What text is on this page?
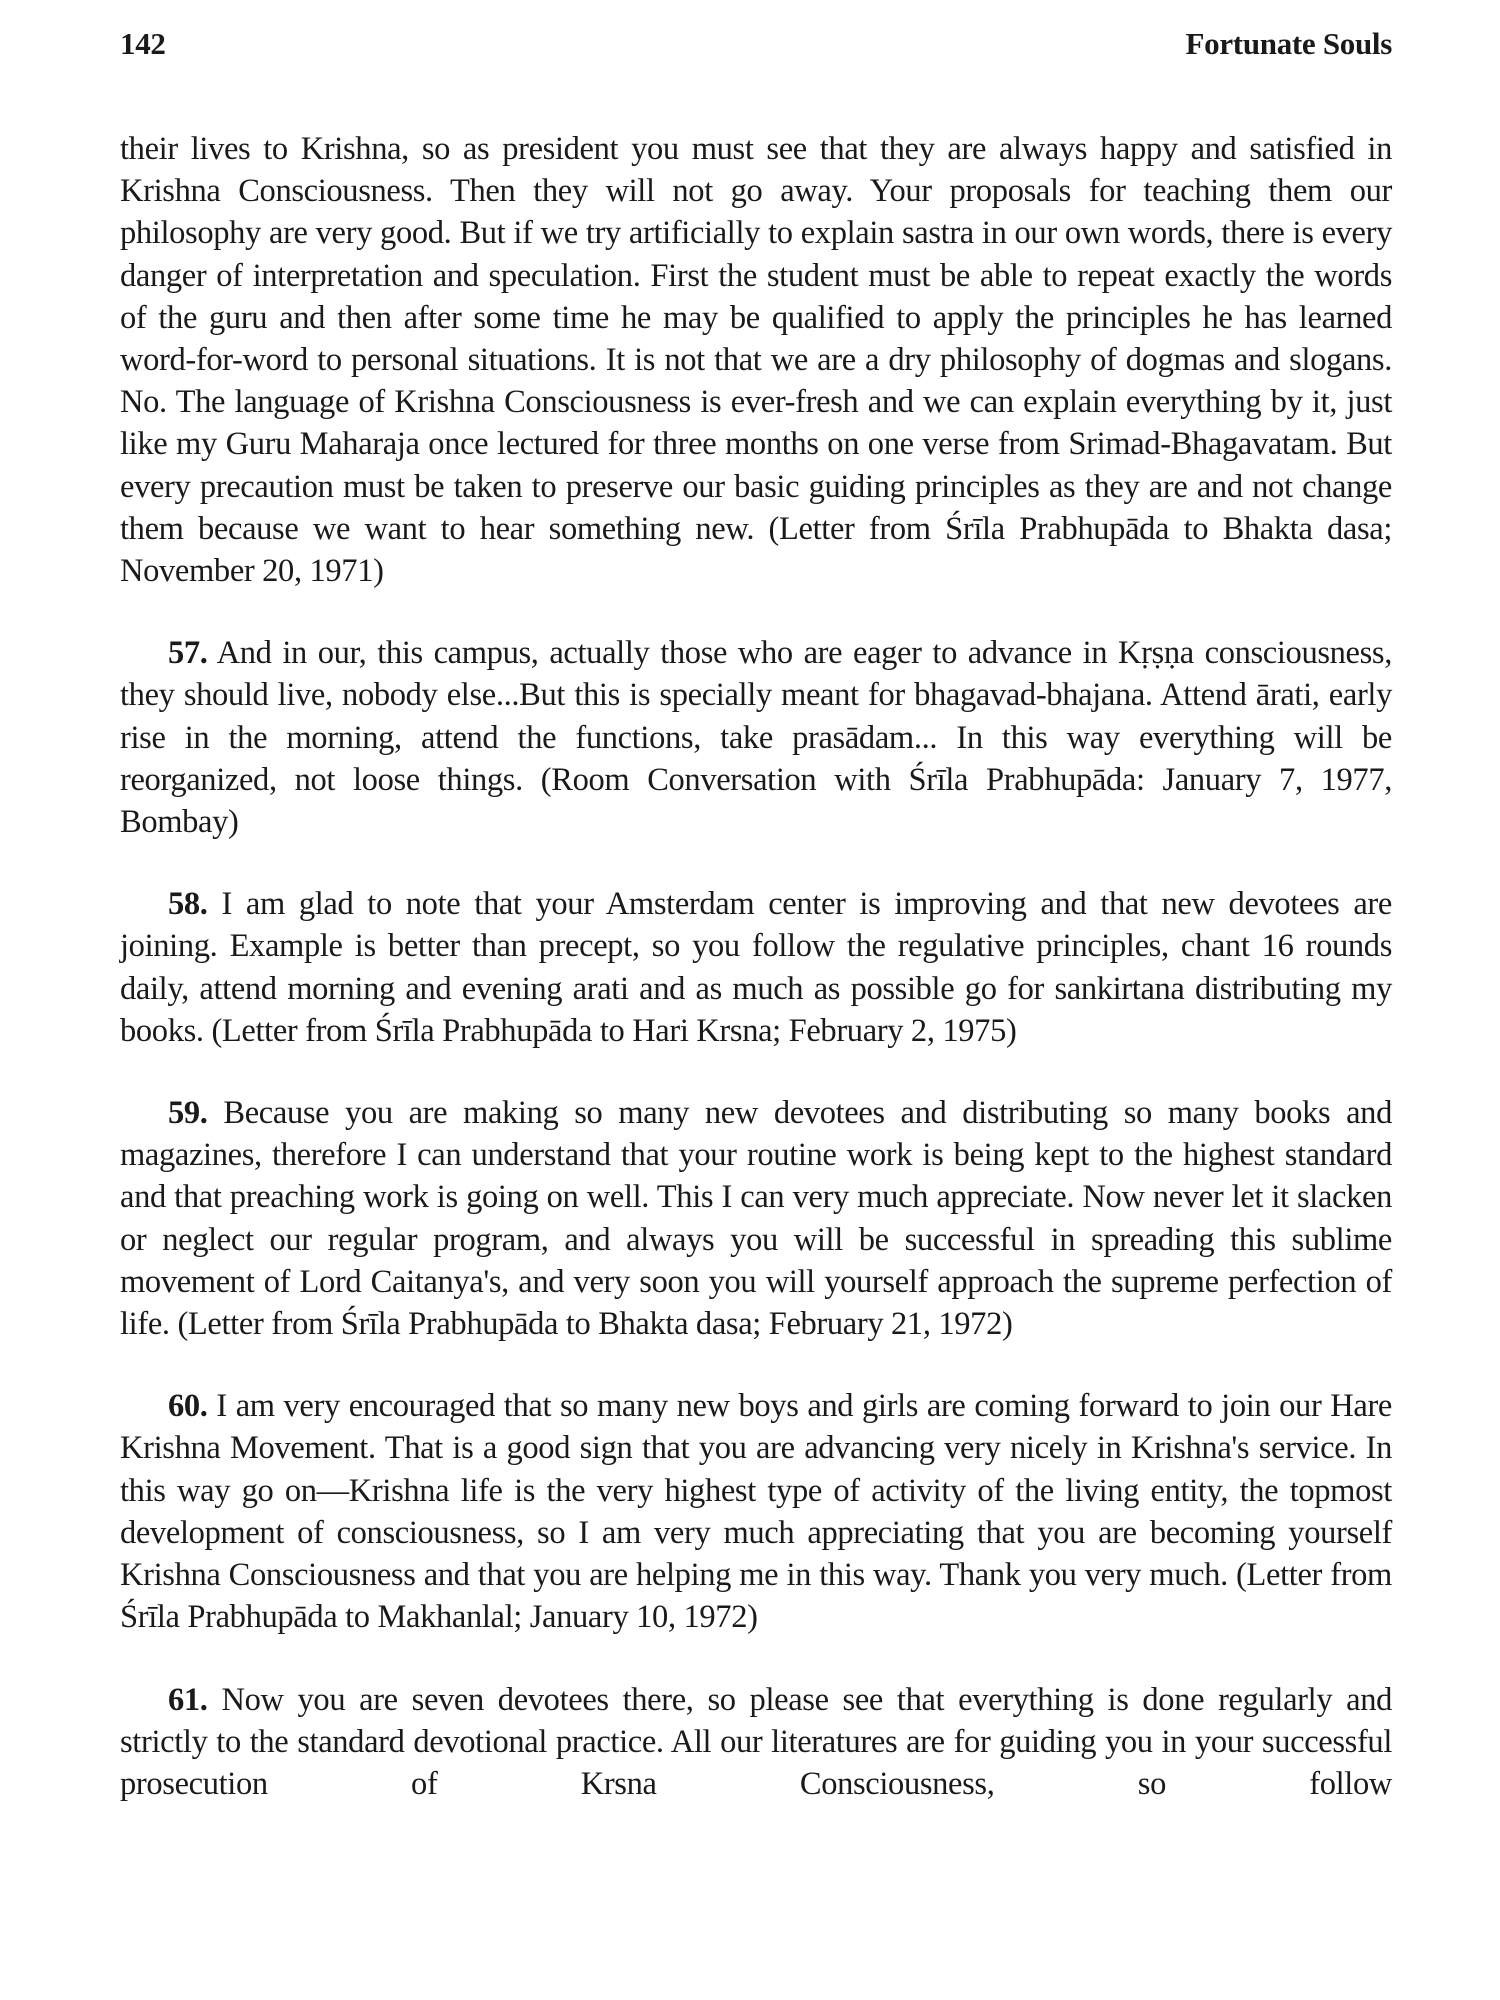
142	Fortunate Souls

their lives to Krishna, so as president you must see that they are always happy and satisfied in Krishna Consciousness. Then they will not go away. Your proposals for teaching them our philosophy are very good. But if we try artificially to explain sastra in our own words, there is every danger of interpretation and speculation. First the student must be able to repeat exactly the words of the guru and then after some time he may be qualified to apply the principles he has learned word-for-word to personal situations. It is not that we are a dry philosophy of dogmas and slogans. No. The language of Krishna Consciousness is ever-fresh and we can explain everything by it, just like my Guru Maharaja once lectured for three months on one verse from Srimad-Bhagavatam. But every precaution must be taken to preserve our basic guiding principles as they are and not change them because we want to hear something new. (Letter from Śrīla Prabhupāda to Bhakta dasa; November 20, 1971)

57. And in our, this campus, actually those who are eager to advance in Kṛṣṇa consciousness, they should live, nobody else...But this is specially meant for bhagavad-bhajana. Attend ārati, early rise in the morning, attend the functions, take prasādam... In this way everything will be reorganized, not loose things. (Room Conversation with Śrīla Prabhupāda: January 7, 1977, Bombay)

58. I am glad to note that your Amsterdam center is improving and that new devotees are joining. Example is better than precept, so you follow the regulative principles, chant 16 rounds daily, attend morning and evening arati and as much as possible go for sankirtana distributing my books. (Letter from Śrīla Prabhupāda to Hari Krsna; February 2, 1975)

59. Because you are making so many new devotees and distributing so many books and magazines, therefore I can understand that your routine work is being kept to the highest standard and that preaching work is going on well. This I can very much appreciate. Now never let it slacken or neglect our regular program, and always you will be successful in spreading this sublime movement of Lord Caitanya's, and very soon you will yourself approach the supreme perfection of life. (Letter from Śrīla Prabhupāda to Bhakta dasa; February 21, 1972)

60. I am very encouraged that so many new boys and girls are coming forward to join our Hare Krishna Movement. That is a good sign that you are advancing very nicely in Krishna's service. In this way go on—Krishna life is the very highest type of activity of the living entity, the topmost development of consciousness, so I am very much appreciating that you are becoming yourself Krishna Consciousness and that you are helping me in this way. Thank you very much. (Letter from Śrīla Prabhupāda to Makhanlal; January 10, 1972)

61. Now you are seven devotees there, so please see that everything is done regularly and strictly to the standard devotional practice. All our literatures are for guiding you in your successful prosecution of Krsna Consciousness, so follow
